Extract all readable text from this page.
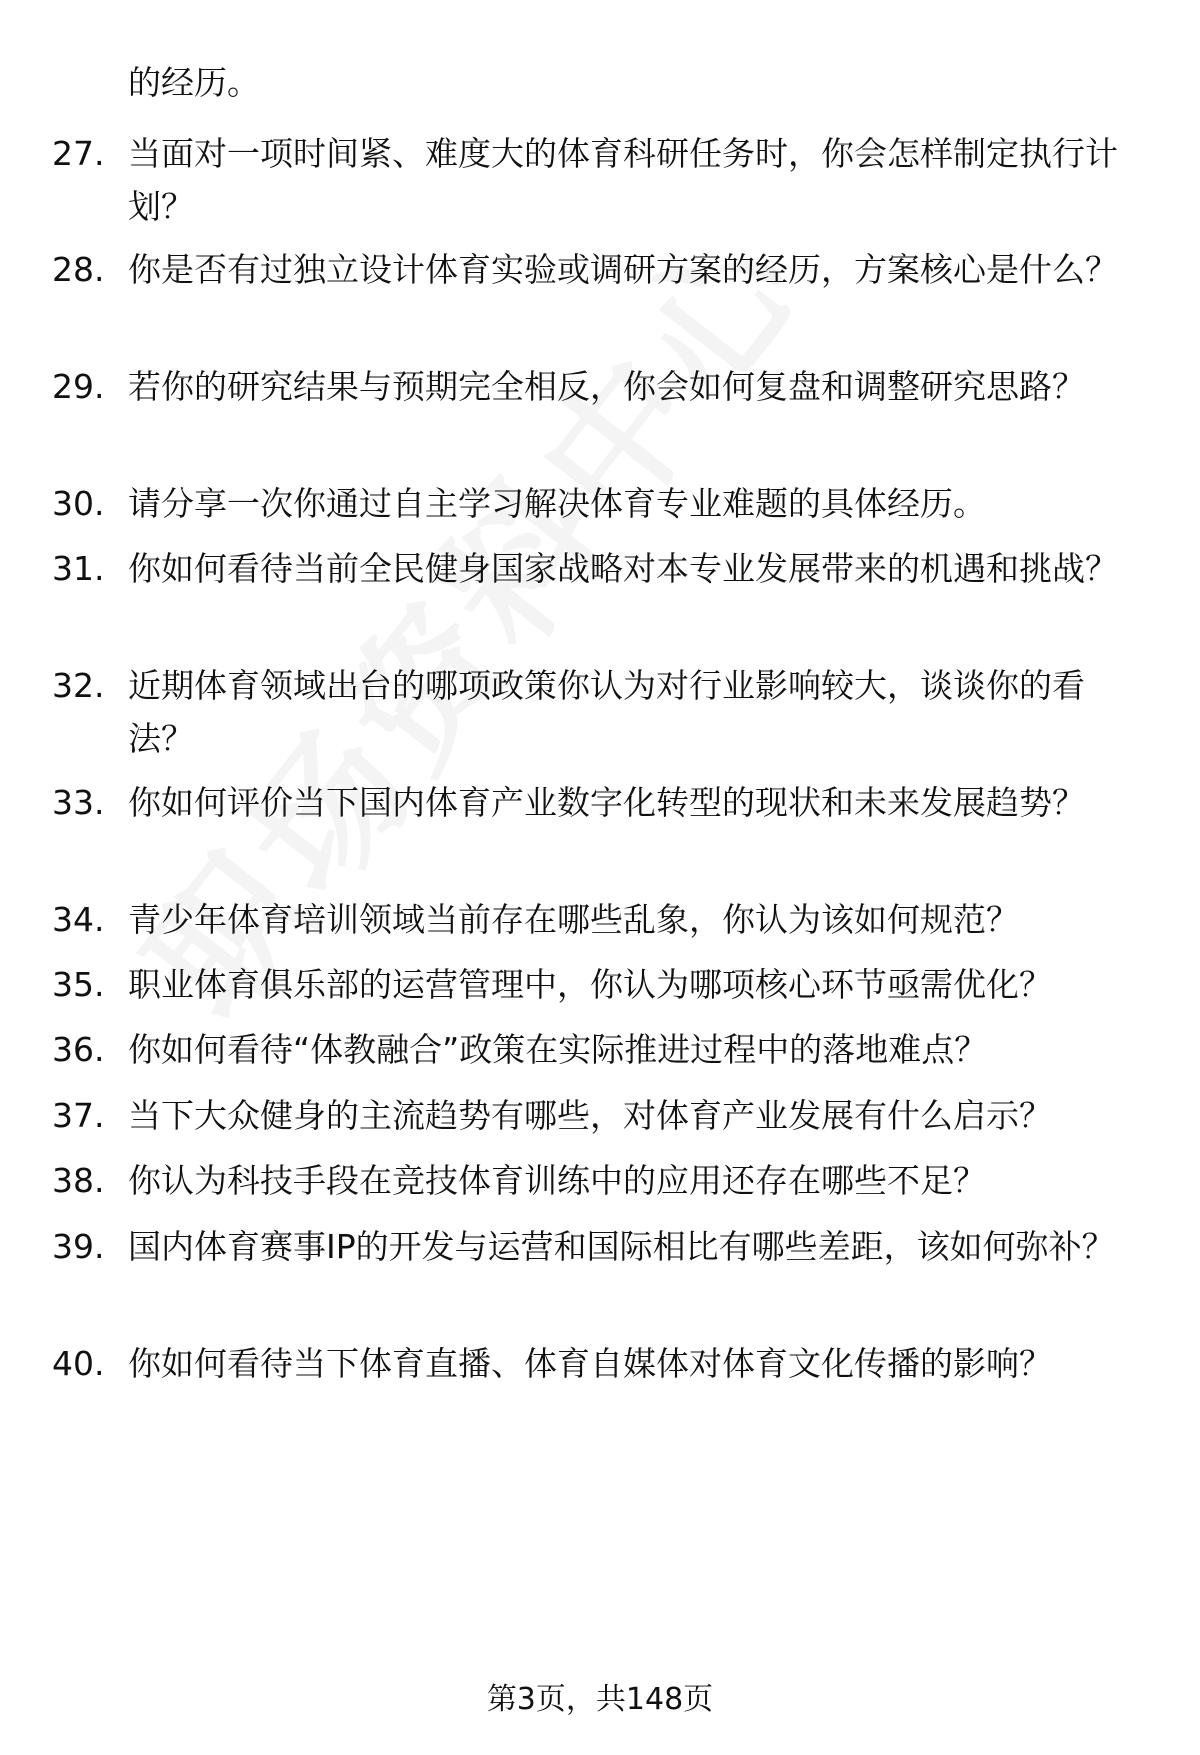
的经历。
27. 当面对一项时间紧、难度大的体育科研任务时，你会怎样制定执行计划？
28. 你是否有过独立设计体育实验或调研方案的经历，方案核心是什么？
29. 若你的研究结果与预期完全相反，你会如何复盘和调整研究思路？
30. 请分享一次你通过自主学习解决体育专业难题的具体经历。
31. 你如何看待当前全民健身国家战略对本专业发展带来的机遇和挑战？
32. 近期体育领域出台的哪项政策你认为对行业影响较大，谈谈你的看法？
33. 你如何评价当下国内体育产业数字化转型的现状和未来发展趋势？
34. 青少年体育培训领域当前存在哪些乱象，你认为该如何规范？
35. 职业体育俱乐部的运营管理中，你认为哪项核心环节亟需优化？
36. 你如何看待“体教融合”政策在实际推进过程中的落地难点？
37. 当下大众健身的主流趋势有哪些，对体育产业发展有什么启示？
38. 你认为科技手段在竞技体育训练中的应用还存在哪些不足？
39. 国内体育赛事IP的开发与运营和国际相比有哪些差距，该如何弥补？
40. 你如何看待当下体育直播、体育自媒体对体育文化传播的影响？
第3页，共148页
